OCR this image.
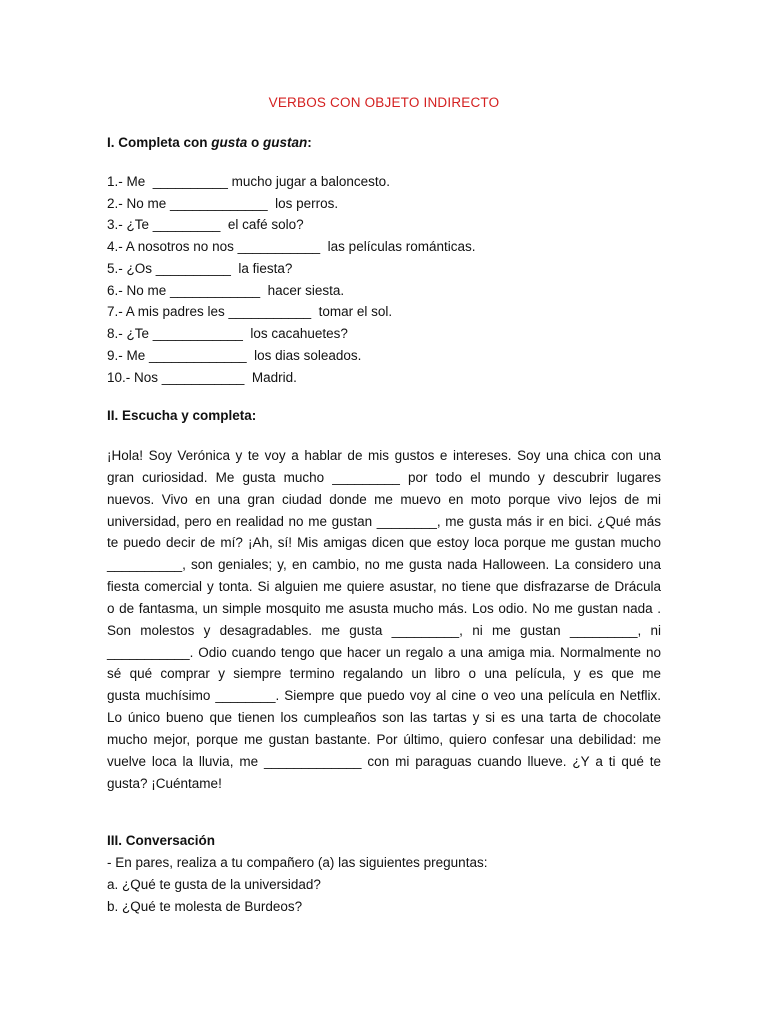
VERBOS CON OBJETO INDIRECTO
I. Completa con gusta o gustan:
1.- Me  __________ mucho jugar a baloncesto.
2.- No me _____________  los perros.
3.- ¿Te _________  el café solo?
4.- A nosotros no nos ___________  las películas románticas.
5.- ¿Os __________  la fiesta?
6.- No me ____________  hacer siesta.
7.- A mis padres les ___________  tomar el sol.
8.- ¿Te ____________  los cacahuetes?
9.- Me _____________  los dias soleados.
10.- Nos ___________  Madrid.
II. Escucha y completa:
¡Hola! Soy Verónica y te voy a hablar de mis gustos e intereses. Soy una chica con una
gran curiosidad. Me gusta mucho _________ por todo el mundo y descubrir lugares
nuevos. Vivo en una gran ciudad donde me muevo en moto porque vivo lejos de mi
universidad, pero en realidad no me gustan ________, me gusta más ir en bici. ¿Qué más
te puedo decir de mí? ¡Ah, sí! Mis amigas dicen que estoy loca porque me gustan mucho
__________, son geniales; y, en cambio, no me gusta nada Halloween. La considero una
fiesta comercial y tonta. Si alguien me quiere asustar, no tiene que disfrazarse de Drácula
o de fantasma, un simple mosquito me asusta mucho más. Los odio. No me gustan nada .
Son molestos y desagradables. me gusta _________, ni me gustan _________, ni
___________. Odio cuando tengo que hacer un regalo a una amiga mia. Normalmente no
sé qué comprar y siempre termino regalando un libro o una película, y es que me
gusta muchísimo ________. Siempre que puedo voy al cine o veo una película en Netflix.
Lo único bueno que tienen los cumpleaños son las tartas y si es una tarta de chocolate
mucho mejor, porque me gustan bastante. Por último, quiero confesar una debilidad: me
vuelve loca la lluvia, me _____________ con mi paraguas cuando llueve. ¿Y a ti qué te
gusta? ¡Cuéntame!
III. Conversación
- En pares, realiza a tu compañero (a) las siguientes preguntas:
a. ¿Qué te gusta de la universidad?
b. ¿Qué te molesta de Burdeos?
